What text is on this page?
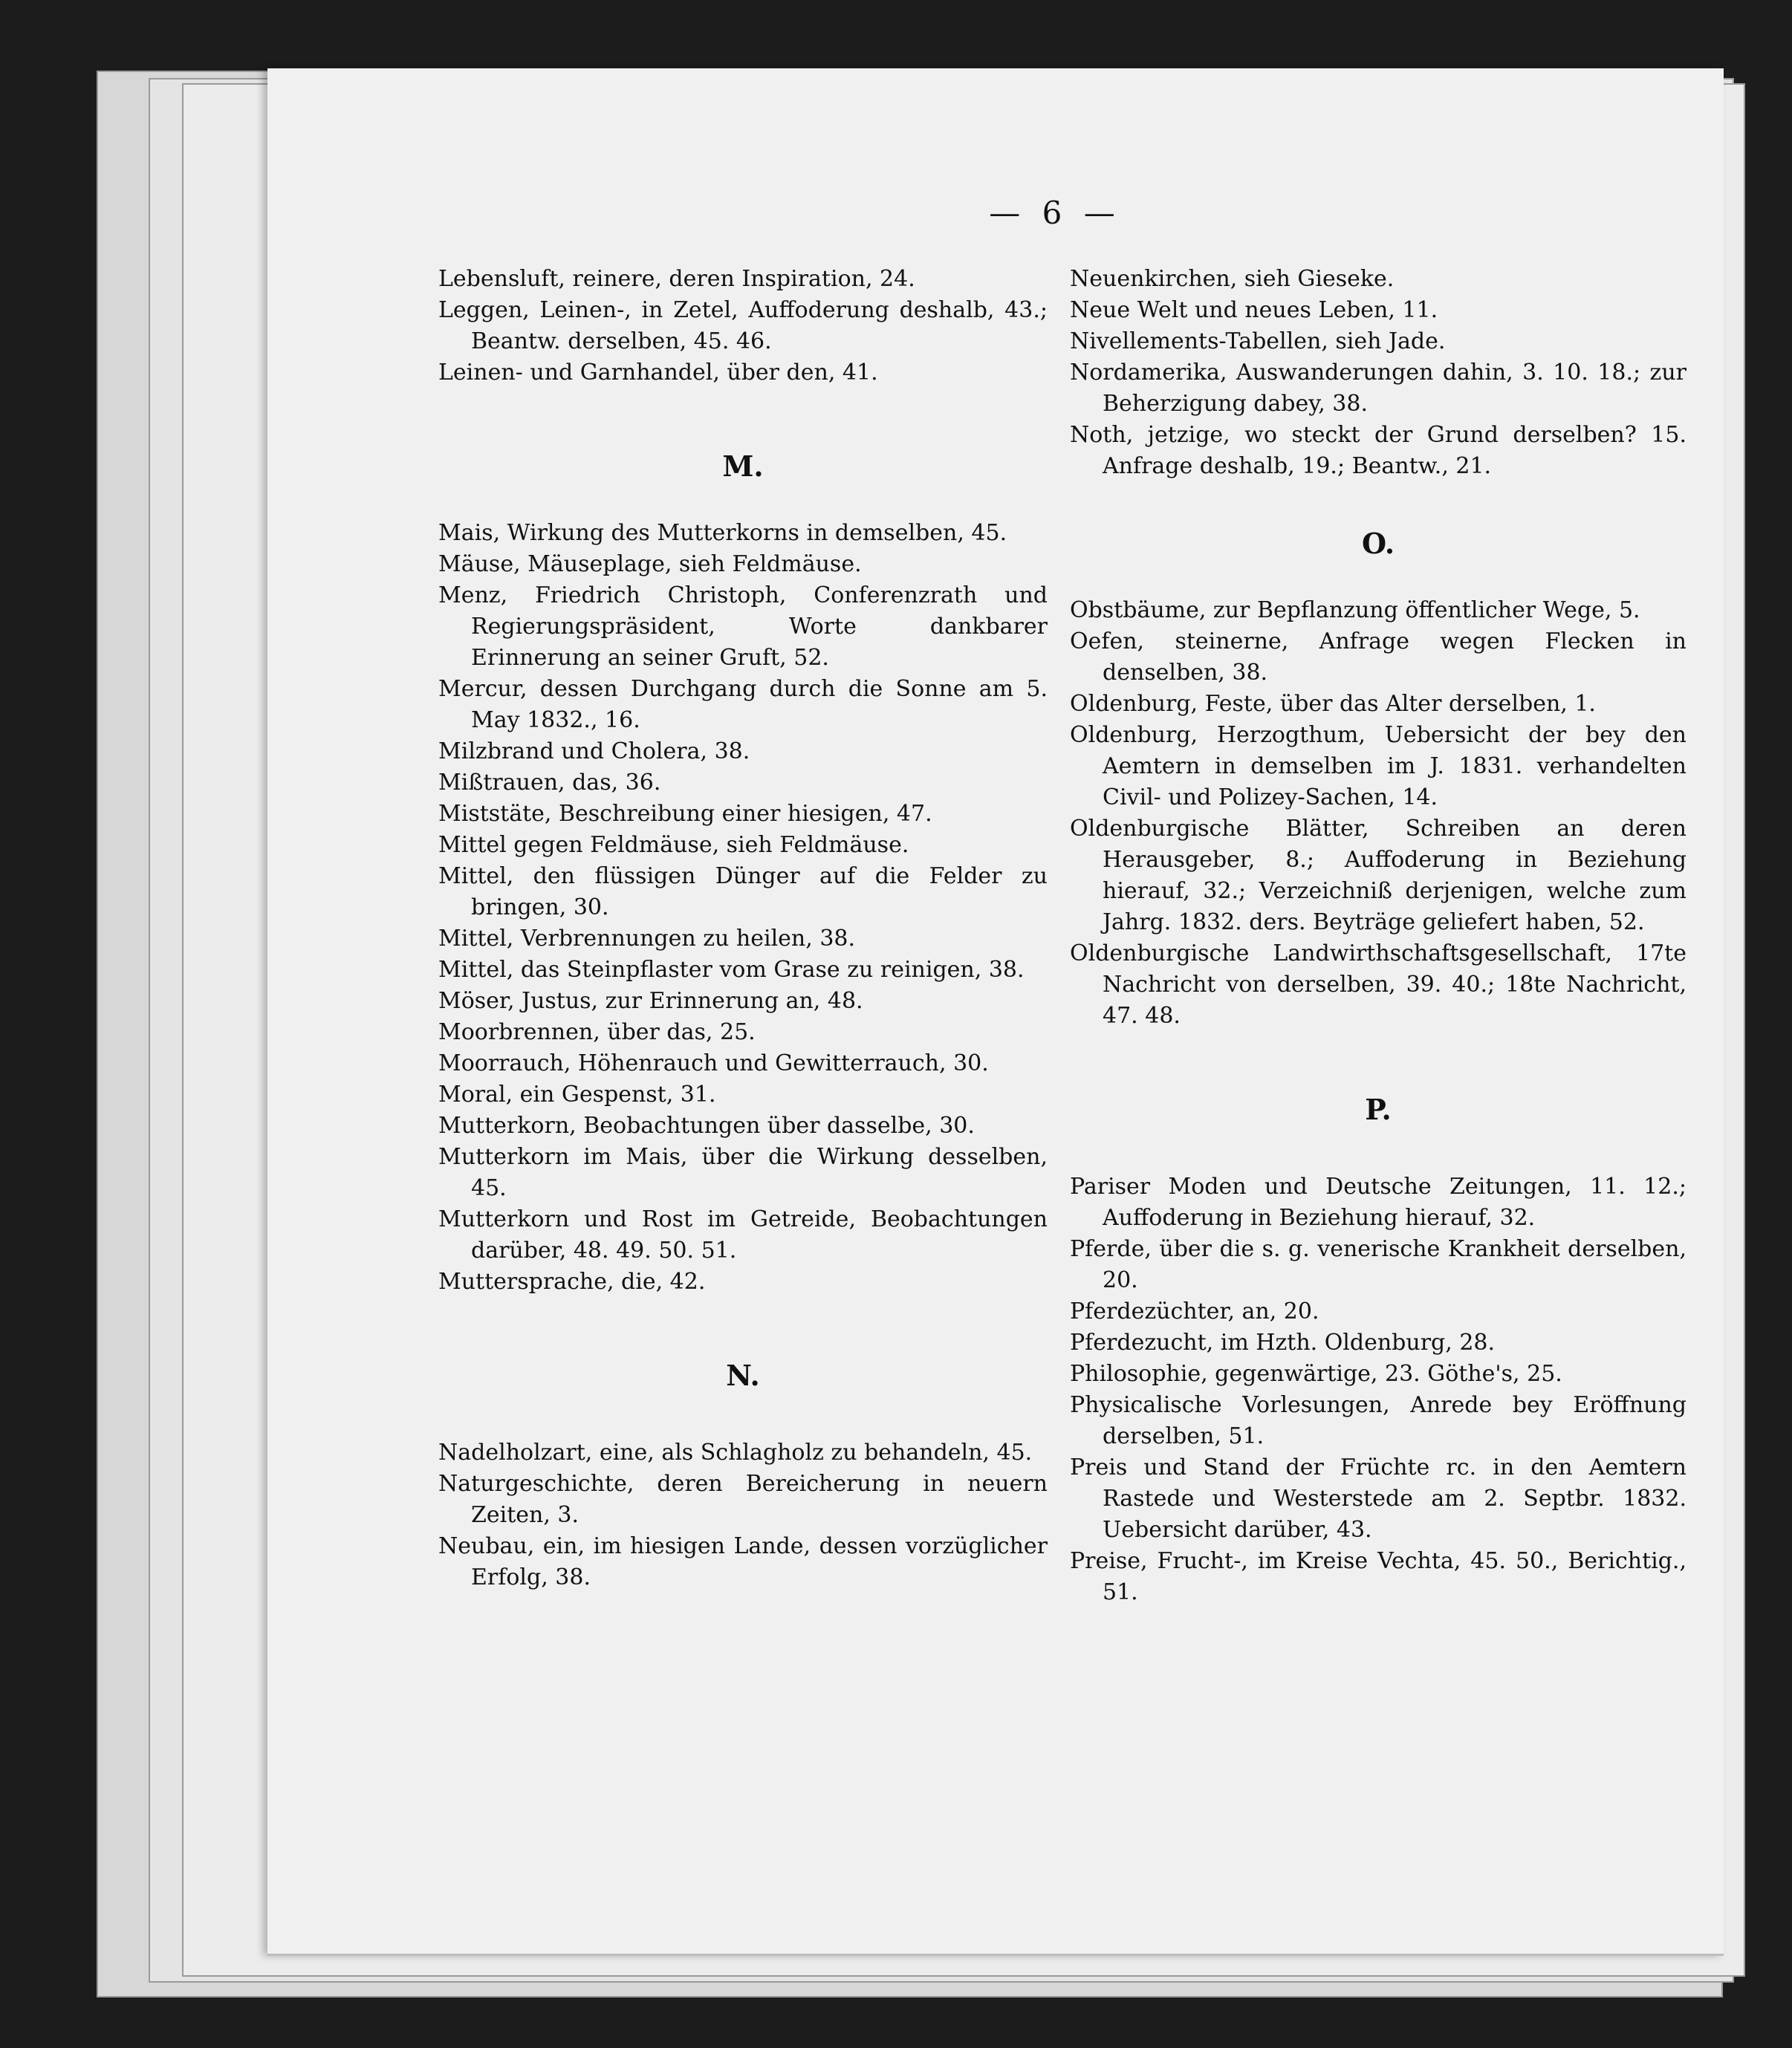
— 6 —
Lebensluft, reinere, deren Inspiration, 24.
Leggen, Leinen-, in Zetel, Auffoderung deshalb, 43.; Beantw. derselben, 45. 46.
Leinen- und Garnhandel, über den, 41.
M.
Mais, Wirkung des Mutterkorns in demselben, 45.
Mäuse, Mäuseplage, sieh Feldmäuse.
Menz, Friedrich Christoph, Conferenzrath und Regierungspräsident, Worte dankbarer Erinnerung an seiner Gruft, 52.
Mercur, dessen Durchgang durch die Sonne am 5. May 1832., 16.
Milzbrand und Cholera, 38.
Mißtrauen, das, 36.
Miststäte, Beschreibung einer hiesigen, 47.
Mittel gegen Feldmäuse, sieh Feldmäuse.
Mittel, den flüssigen Dünger auf die Felder zu bringen, 30.
Mittel, Verbrennungen zu heilen, 38.
Mittel, das Steinpflaster vom Grase zu reinigen, 38.
Möser, Justus, zur Erinnerung an, 48.
Moorbrennen, über das, 25.
Moorrauch, Höhenrauch und Gewitterrauch, 30.
Moral, ein Gespenst, 31.
Mutterkorn, Beobachtungen über dasselbe, 30.
Mutterkorn im Mais, über die Wirkung desselben, 45.
Mutterkorn und Rost im Getreide, Beobachtungen darüber, 48. 49. 50. 51.
Muttersprache, die, 42.
N.
Nadelholzart, eine, als Schlagholz zu behandeln, 45.
Naturgeschichte, deren Bereicherung in neuern Zeiten, 3.
Neubau, ein, im hiesigen Lande, dessen vorzüglicher Erfolg, 38.
Neuenkirchen, sieh Gieseke.
Neue Welt und neues Leben, 11.
Nivellements-Tabellen, sieh Jade.
Nordamerika, Auswanderungen dahin, 3. 10. 18.; zur Beherzigung dabey, 38.
Noth, jetzige, wo steckt der Grund derselben? 15. Anfrage deshalb, 19.; Beantw., 21.
O.
Obstbäume, zur Bepflanzung öffentlicher Wege, 5.
Oefen, steinerne, Anfrage wegen Flecken in denselben, 38.
Oldenburg, Feste, über das Alter derselben, 1.
Oldenburg, Herzogthum, Uebersicht der bey den Aemtern in demselben im J. 1831. verhandelten Civil- und Polizey-Sachen, 14.
Oldenburgische Blätter, Schreiben an deren Herausgeber, 8.; Auffoderung in Beziehung hierauf, 32.; Verzeichniß derjenigen, welche zum Jahrg. 1832. ders. Beyträge geliefert haben, 52.
Oldenburgische Landwirthschaftsgesellschaft, 17te Nachricht von derselben, 39. 40.; 18te Nachricht, 47. 48.
P.
Pariser Moden und Deutsche Zeitungen, 11. 12.; Auffoderung in Beziehung hierauf, 32.
Pferde, über die s. g. venerische Krankheit derselben, 20.
Pferdezüchter, an, 20.
Pferdezucht, im Hzth. Oldenburg, 28.
Philosophie, gegenwärtige, 23. Göthe's, 25.
Physicalische Vorlesungen, Anrede bey Eröffnung derselben, 51.
Preis und Stand der Früchte rc. in den Aemtern Rastede und Westerstede am 2. Septbr. 1832. Uebersicht darüber, 43.
Preise, Frucht-, im Kreise Vechta, 45. 50., Berichtig., 51.
